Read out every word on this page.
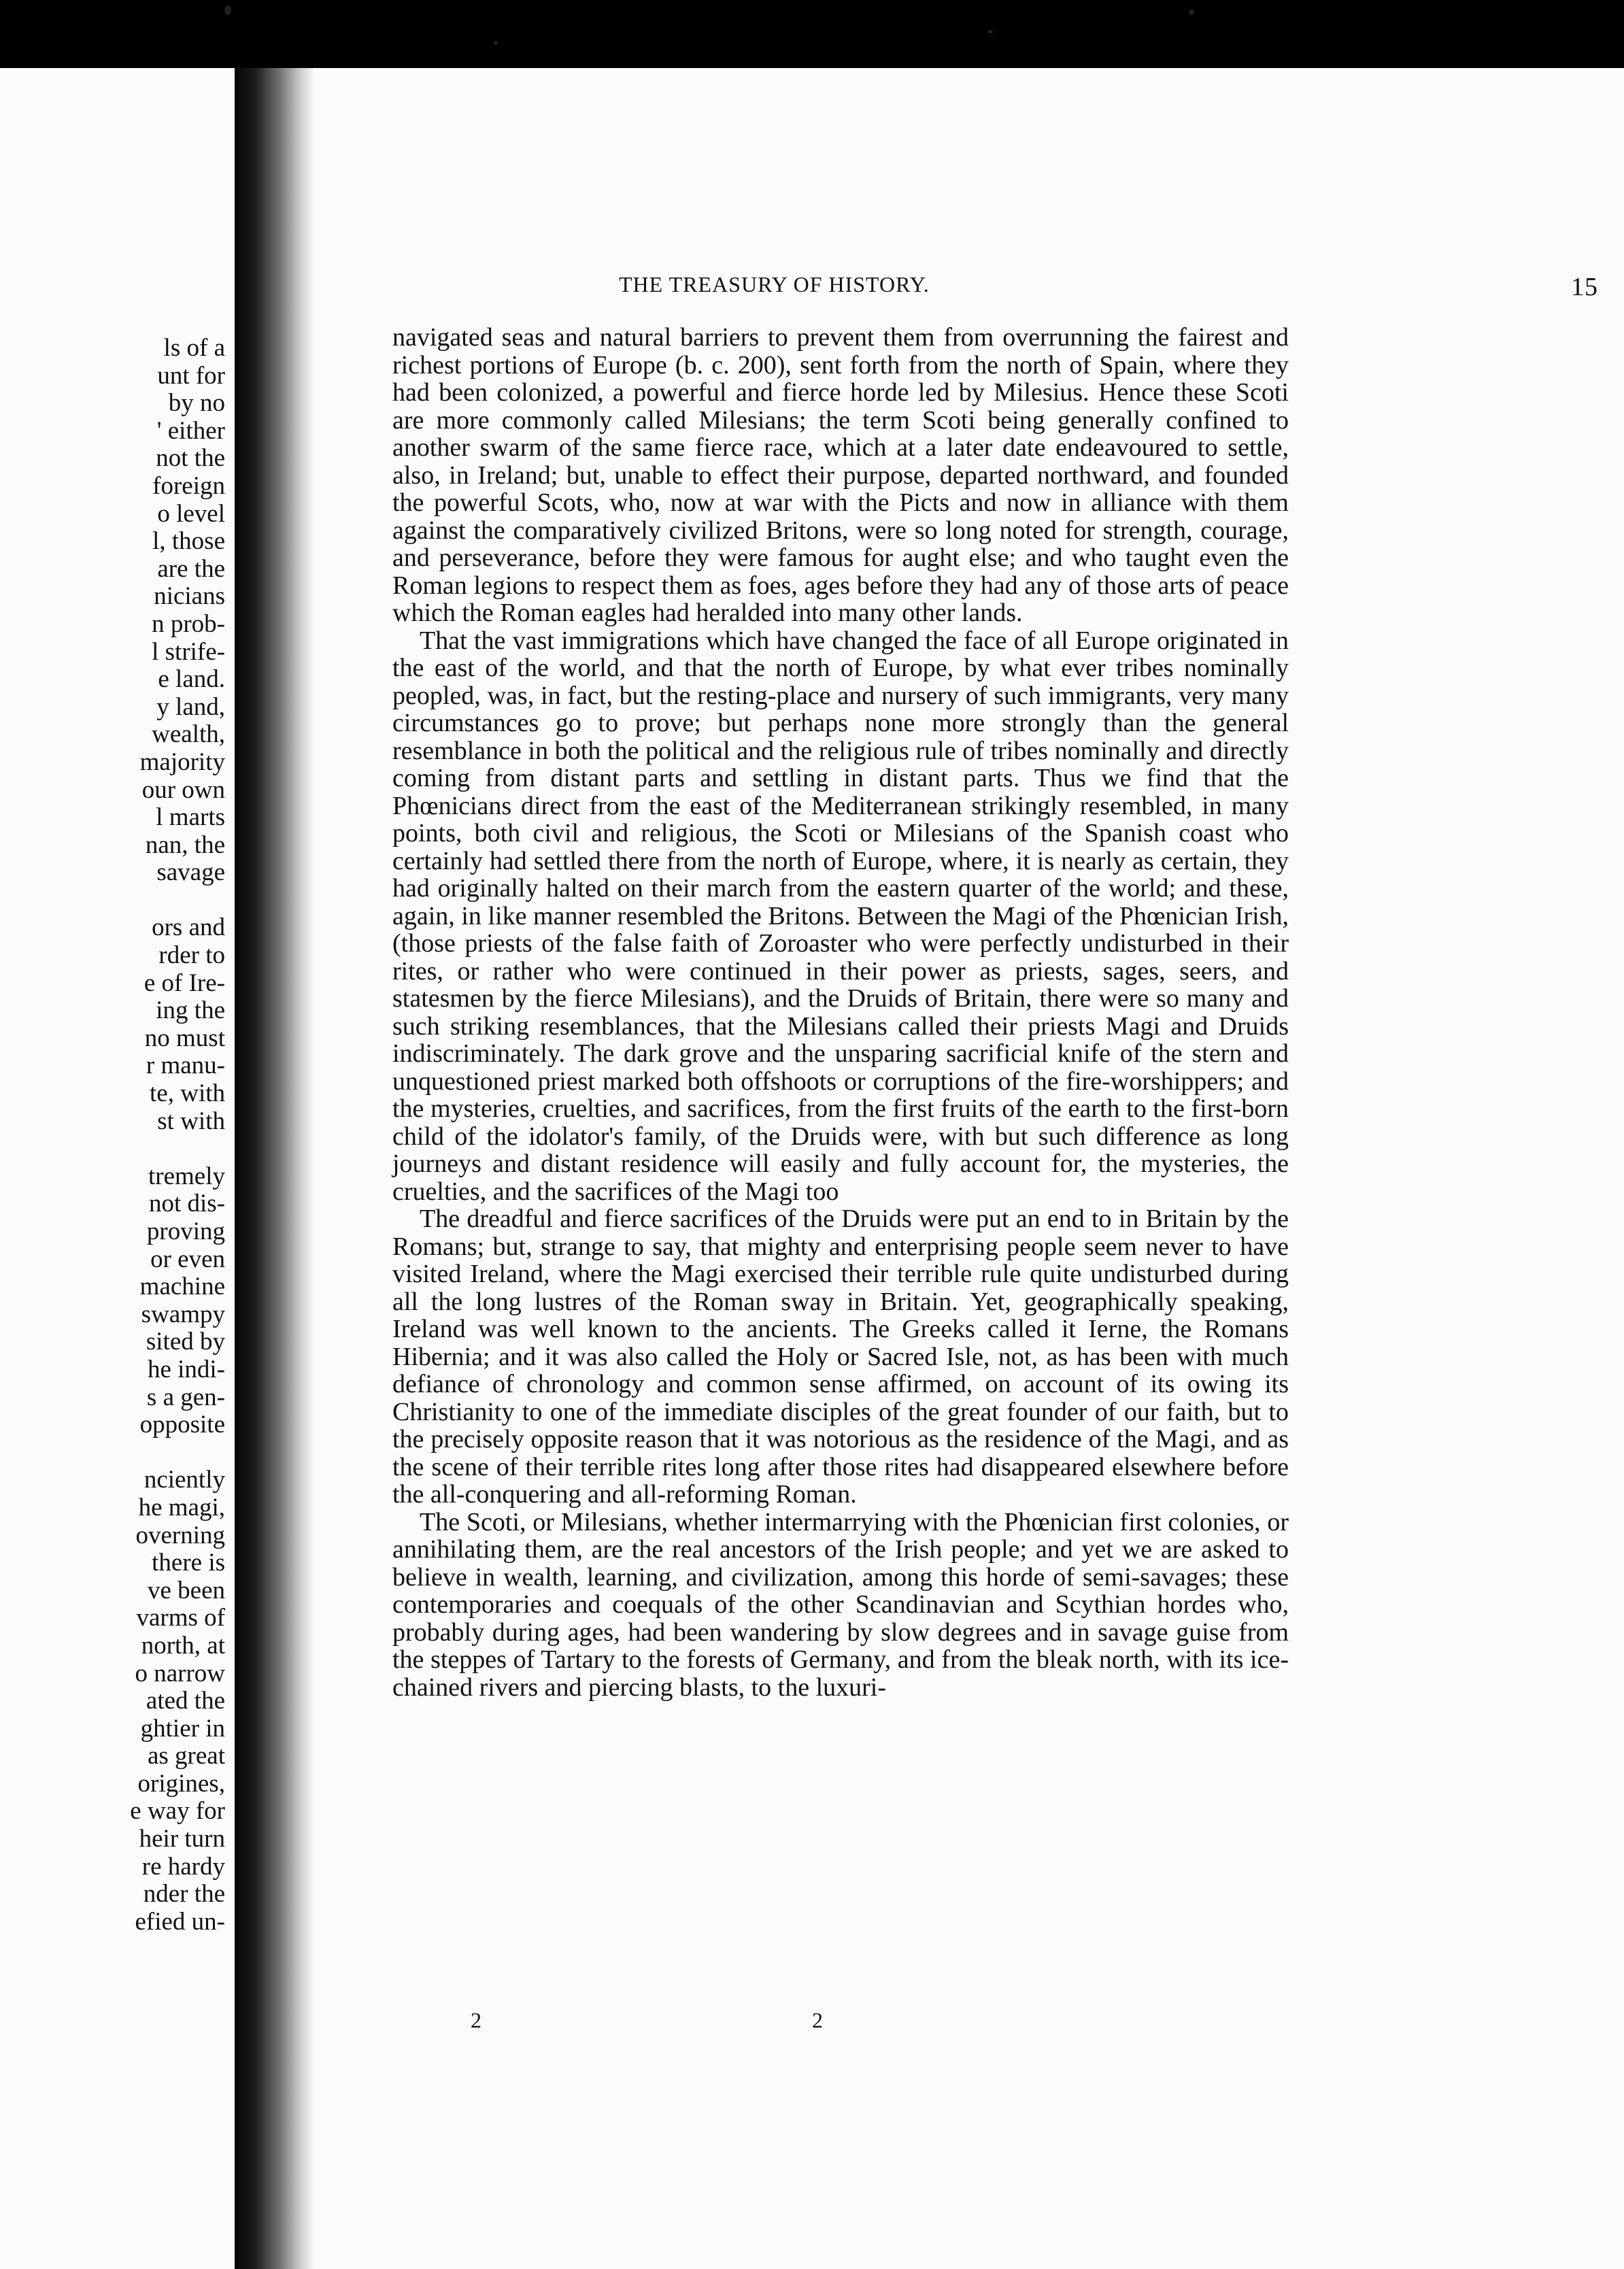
ls of a
unt for
by no
' either
not the
foreign
o level
l, those
are the
nicians
n prob-
l strife-
e land.
y land,
wealth,
majority
our own
l marts
nan, the
savage
ors and
rder to
e of Ire-
ing the
no must
r manu-
te, with
st with
tremely
not dis-
proving
or even
machine
swampy
sited by
he indi-
s a gen-
opposite
nciently
he magi,
overning
there is
ve been
varms of
north, at
o narrow
ated the
ghtier in
as great
origines,
e way for
heir turn
re hardy
nder the
efied un-
THE TREASURY OF HISTORY.	15

navigated seas and natural barriers to prevent them from overrunning the fairest and richest portions of Europe (b. c. 200), sent forth from the north of Spain, where they had been colonized, a powerful and fierce horde led by Milesius. Hence these Scoti are more commonly called Milesians; the term Scoti being generally confined to another swarm of the same fierce race, which at a later date endeavoured to settle, also, in Ireland; but, unable to effect their purpose, departed northward, and founded the powerful Scots, who, now at war with the Picts and now in alliance with them against the comparatively civilized Britons, were so long noted for strength, courage, and perseverance, before they were famous for aught else; and who taught even the Roman legions to respect them as foes, ages before they had any of those arts of peace which the Roman eagles had heralded into many other lands.

That the vast immigrations which have changed the face of all Europe originated in the east of the world, and that the north of Europe, by what ever tribes nominally peopled, was, in fact, but the resting-place and nursery of such immigrants, very many circumstances go to prove; but perhaps none more strongly than the general resemblance in both the political and the religious rule of tribes nominally and directly coming from distant parts and settling in distant parts. Thus we find that the Phœnicians direct from the east of the Mediterranean strikingly resembled, in many points, both civil and religious, the Scoti or Milesians of the Spanish coast who certainly had settled there from the north of Europe, where, it is nearly as certain, they had originally halted on their march from the eastern quarter of the world; and these, again, in like manner resembled the Britons. Between the Magi of the Phœnician Irish, (those priests of the false faith of Zoroaster who were perfectly undisturbed in their rites, or rather who were continued in their power as priests, sages, seers, and statesmen by the fierce Milesians), and the Druids of Britain, there were so many and such striking resemblances, that the Milesians called their priests Magi and Druids indiscriminately. The dark grove and the unsparing sacrificial knife of the stern and unquestioned priest marked both offshoots or corruptions of the fire-worshippers; and the mysteries, cruelties, and sacrifices, from the first fruits of the earth to the first-born child of the idolator's family, of the Druids were, with but such difference as long journeys and distant residence will easily and fully account for, the mysteries, the cruelties, and the sacrifices of the Magi too

The dreadful and fierce sacrifices of the Druids were put an end to in Britain by the Romans; but, strange to say, that mighty and enterprising people seem never to have visited Ireland, where the Magi exercised their terrible rule quite undisturbed during all the long lustres of the Roman sway in Britain. Yet, geographically speaking, Ireland was well known to the ancients. The Greeks called it Ierne, the Romans Hibernia; and it was also called the Holy or Sacred Isle, not, as has been with much defiance of chronology and common sense affirmed, on account of its owing its Christianity to one of the immediate disciples of the great founder of our faith, but to the precisely opposite reason that it was notorious as the residence of the Magi, and as the scene of their terrible rites long after those rites had disappeared elsewhere before the all-conquering and all-reforming Roman.

The Scoti, or Milesians, whether intermarrying with the Phœnician first colonies, or annihilating them, are the real ancestors of the Irish people; and yet we are asked to believe in wealth, learning, and civilization, among this horde of semi-savages; these contemporaries and coequals of the other Scandinavian and Scythian hordes who, probably during ages, had been wandering by slow degrees and in savage guise from the steppes of Tartary to the forests of Germany, and from the bleak north, with its ice-chained rivers and piercing blasts, to the luxuri-

2	2
